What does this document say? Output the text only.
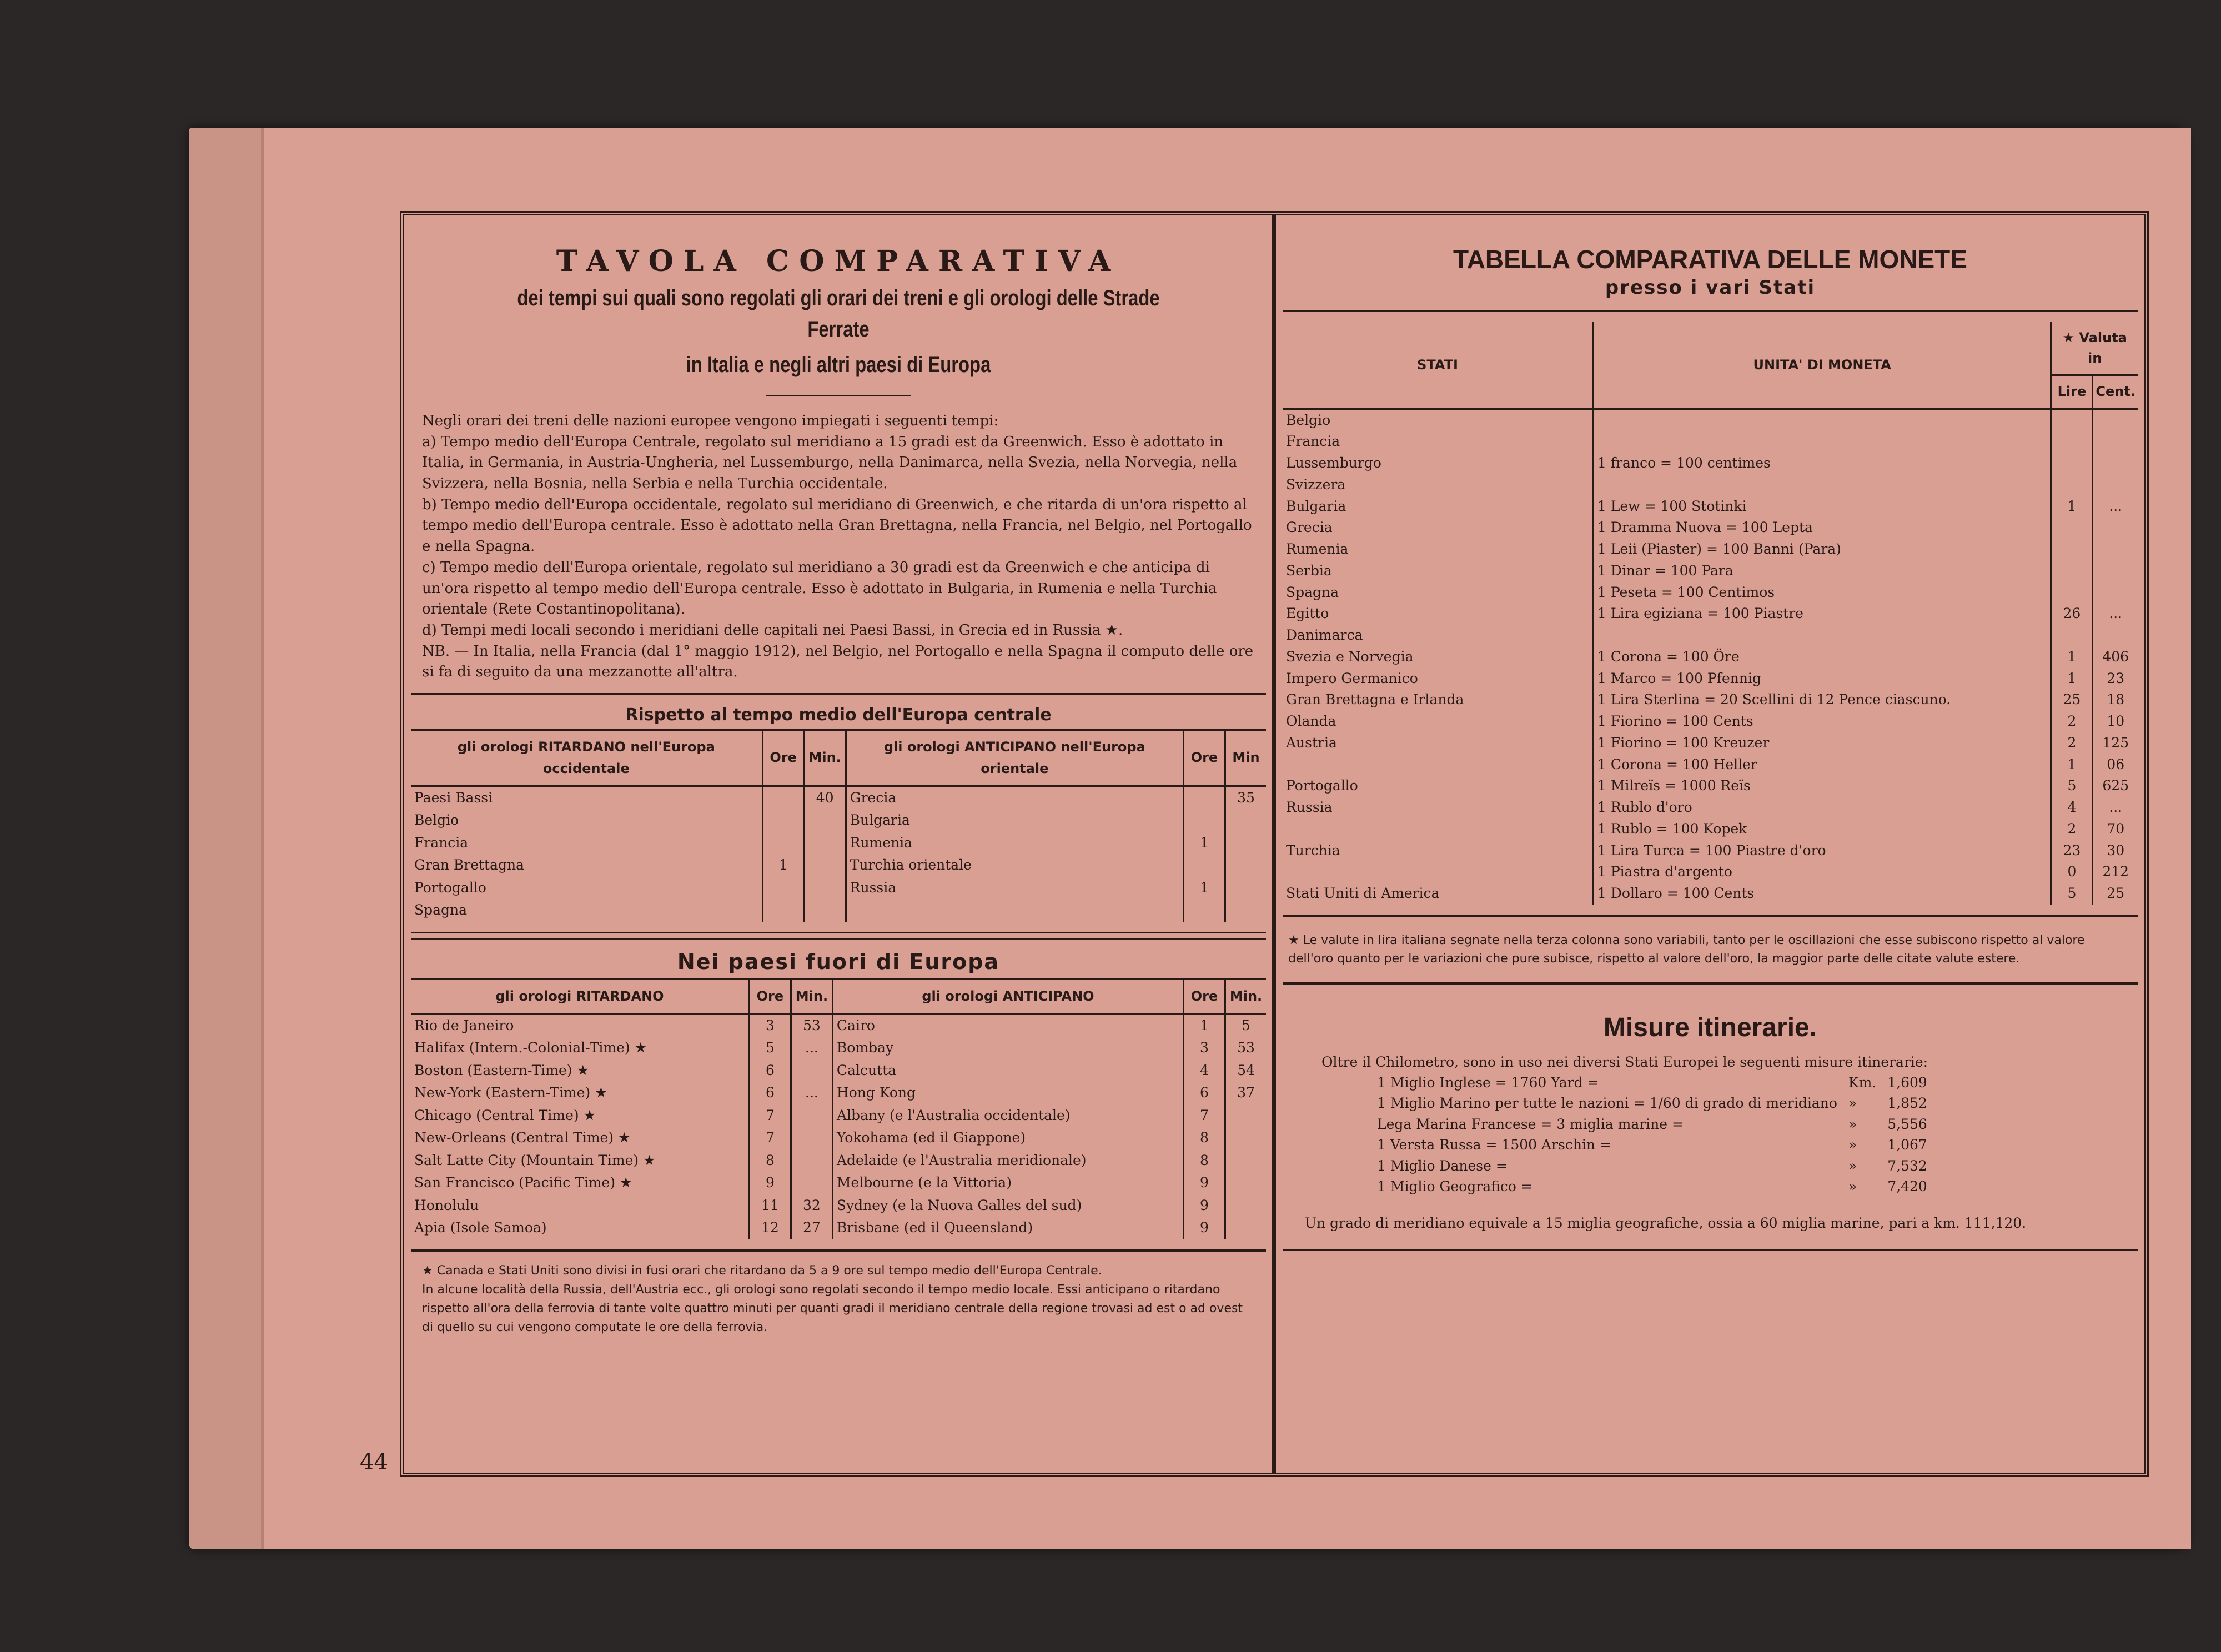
TAVOLA COMPARATIVA

dei tempi sui quali sono regolati gli orari dei treni e gli orologi delle Strade Ferrate

in Italia e negli altri paesi di Europa

Negli orari dei treni delle nazioni europee vengono impiegati i seguenti tempi:

a) Tempo medio dell'Europa Centrale, regolato sul meridiano a 15 gradi est da Greenwich. Esso è adottato in Italia, in Germania, in Austria-Ungheria, nel Lussemburgo, nella Danimarca, nella Svezia, nella Norvegia, nella Svizzera, nella Bosnia, nella Serbia e nella Turchia occidentale.

b) Tempo medio dell'Europa occidentale, regolato sul meridiano di Greenwich, e che ritarda di un'ora rispetto al tempo medio dell'Europa centrale. Esso è adottato nella Gran Brettagna, nella Francia, nel Belgio, nel Portogallo e nella Spagna.

c) Tempo medio dell'Europa orientale, regolato sul meridiano a 30 gradi est da Greenwich e che anticipa di un'ora rispetto al tempo medio dell'Europa centrale. Esso è adottato in Bulgaria, in Rumenia e nella Turchia orientale (Rete Costantinopolitana).

d) Tempi medi locali secondo i meridiani delle capitali nei Paesi Bassi, in Grecia ed in Russia ★.

NB. — In Italia, nella Francia (dal 1° maggio 1912), nel Belgio, nel Portogallo e nella Spagna il computo delle ore si fa di seguito da una mezzanotte all'altra.

Rispetto al tempo medio dell'Europa centrale
gli orologi RITARDANO nell'Europa occidentale	Ore	Min.	gli orologi ANTICIPANO nell'Europa orientale	Ore	Min
Paesi Bassi		40	Grecia		35
Belgio			Bulgaria		
Francia			Rumenia	1	
Gran Brettagna	1		Turchia orientale		
Portogallo			Russia	1	
Spagna					
Nei paesi fuori di Europa
gli orologi RITARDANO	Ore	Min.	gli orologi ANTICIPANO	Ore	Min.
Rio de Janeiro	3	53	Cairo	1	5
Halifax (Intern.-Colonial-Time) ★	5	...	Bombay	3	53
Boston (Eastern-Time) ★	6		Calcutta	4	54
New-York (Eastern-Time) ★	6	...	Hong Kong	6	37
Chicago (Central Time) ★	7		Albany (e l'Australia occidentale)	7	
New-Orleans (Central Time) ★	7		Yokohama (ed il Giappone)	8	
Salt Latte City (Mountain Time) ★	8		Adelaide (e l'Australia meridionale)	8	
San Francisco (Pacific Time) ★	9		Melbourne (e la Vittoria)	9	
Honolulu	11	32	Sydney (e la Nuova Galles del sud)	9	
Apia (Isole Samoa)	12	27	Brisbane (ed il Queensland)	9	
★ Canada e Stati Uniti sono divisi in fusi orari che ritardano da 5 a 9 ore sul tempo medio dell'Europa Centrale.
In alcune località della Russia, dell'Austria ecc., gli orologi sono regolati secondo il tempo medio locale. Essi anticipano o ritardano rispetto all'ora della ferrovia di tante volte quattro minuti per quanti gradi il meridiano centrale della regione trovasi ad est o ad ovest di quello su cui vengono computate le ore della ferrovia.
TABELLA COMPARATIVA DELLE MONETE

presso i vari Stati

STATI	UNITA' DI MONETA	★ Valuta in	
		Lire	Cent.
Belgio			
Francia			
Lussemburgo	1 franco = 100 centimes		
Svizzera			
Bulgaria	1 Lew = 100 Stotinki	1	...
Grecia	1 Dramma Nuova = 100 Lepta		
Rumenia	1 Leii (Piaster) = 100 Banni (Para)		
Serbia	1 Dinar = 100 Para		
Spagna	1 Peseta = 100 Centimos		
Egitto	1 Lira egiziana = 100 Piastre	26	...
Danimarca			
Svezia e Norvegia	1 Corona = 100 Öre	1	406
Impero Germanico	1 Marco = 100 Pfennig	1	23
Gran Brettagna e Irlanda	1 Lira Sterlina = 20 Scellini di 12 Pence ciascuno.	25	18
Olanda	1 Fiorino = 100 Cents	2	10
Austria	1 Fiorino = 100 Kreuzer	2	125
	1 Corona = 100 Heller	1	06
Portogallo	1 Milreïs = 1000 Reïs	5	625
Russia	1 Rublo d'oro	4	...
	1 Rublo = 100 Kopek	2	70
Turchia	1 Lira Turca = 100 Piastre d'oro	23	30
	1 Piastra d'argento	0	212
Stati Uniti di America	1 Dollaro = 100 Cents	5	25
★ Le valute in lira italiana segnate nella terza colonna sono variabili, tanto per le oscillazioni che esse subiscono rispetto al valore dell'oro quanto per le variazioni che pure subisce, rispetto al valore dell'oro, la maggior parte delle citate valute estere.
Misure itinerarie.

Oltre il Chilometro, sono in uso nei diversi Stati Europei le seguenti misure itinerarie:

1 Miglio Inglese = 1760 Yard =	Km.	1,609
1 Miglio Marino per tutte le nazioni = 1/60 di grado di meridiano	»	1,852
Lega Marina Francese = 3 miglia marine =	»	5,556
1 Versta Russa = 1500 Arschin =	»	1,067
1 Miglio Danese =	»	7,532
1 Miglio Geografico =	»	7,420

Un grado di meridiano equivale a 15 miglia geografiche, ossia a 60 miglia marine, pari a km. 111,120.

44
